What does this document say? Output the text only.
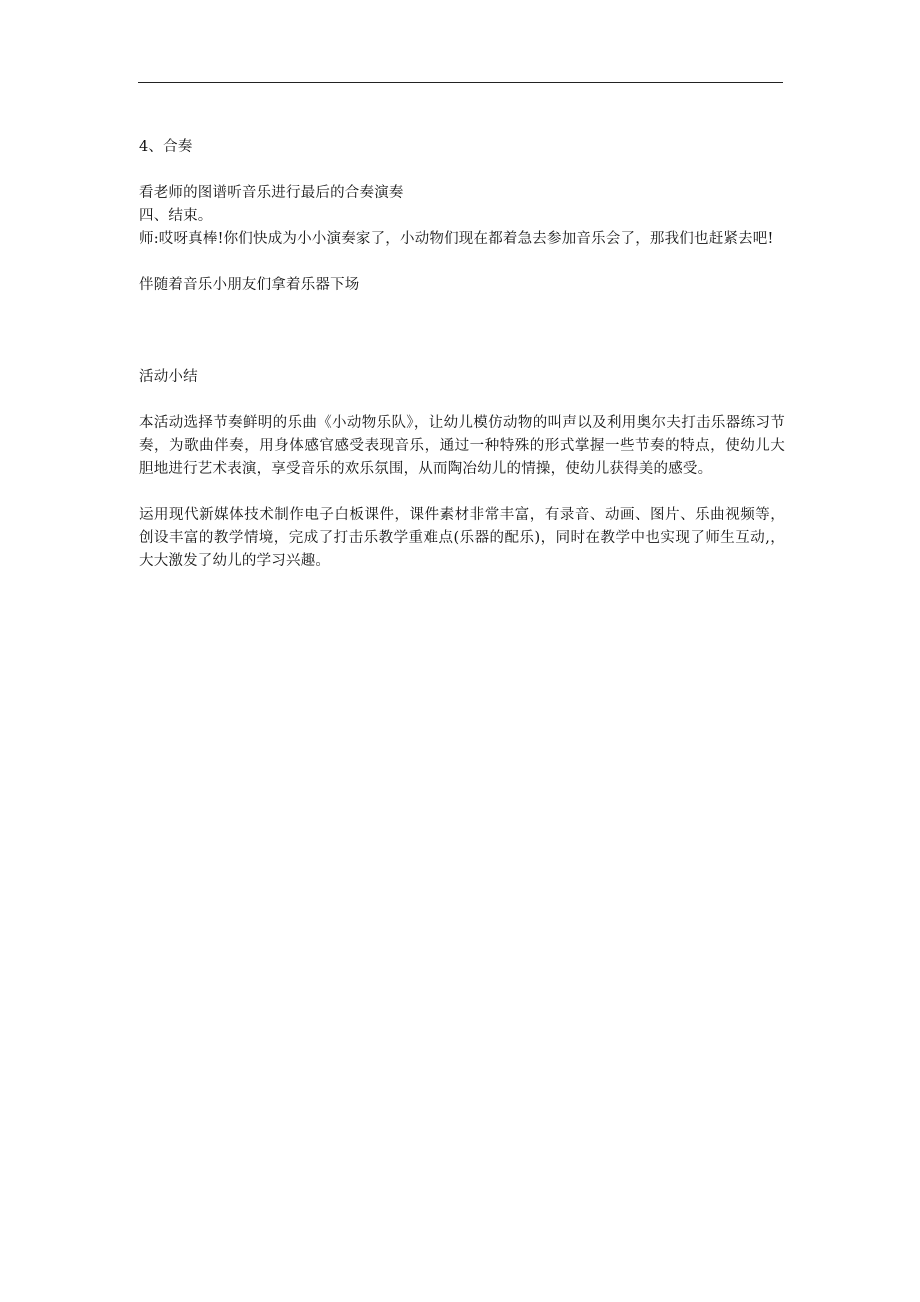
4、合奏

看老师的图谱听音乐进行最后的合奏演奏

四、结束。

师:哎呀真棒!你们快成为小小演奏家了，小动物们现在都着急去参加音乐会了，那我们也赶紧去吧!

伴随着音乐小朋友们拿着乐器下场

活动小结

本活动选择节奏鲜明的乐曲《小动物乐队》，让幼儿模仿动物的叫声以及利用奥尔夫打击乐器练习节奏，为歌曲伴奏，用身体感官感受表现音乐，通过一种特殊的形式掌握一些节奏的特点，使幼儿大胆地进行艺术表演，享受音乐的欢乐氛围，从而陶冶幼儿的情操，使幼儿获得美的感受。

运用现代新媒体技术制作电子白板课件，课件素材非常丰富，有录音、动画、图片、乐曲视频等，创设丰富的教学情境，完成了打击乐教学重难点(乐器的配乐)，同时在教学中也实现了师生互动,，大大激发了幼儿的学习兴趣。
